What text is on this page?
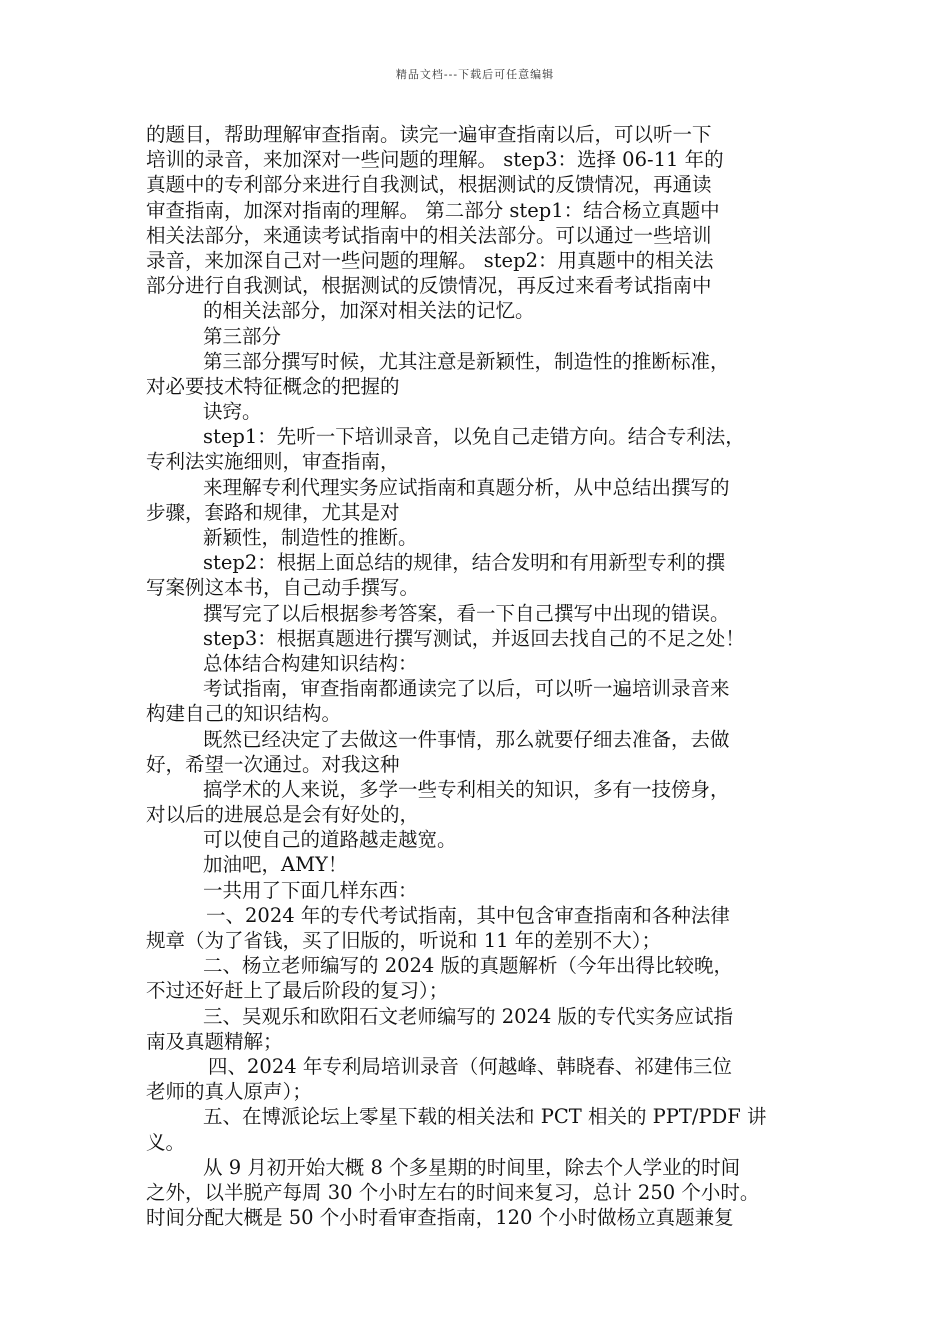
精品文档---下载后可任意编辑
的题目，帮助理解审查指南。读完一遍审查指南以后，可以听一下
培训的录音，来加深对一些问题的理解。 step3：选择 06-11 年的
真题中的专利部分来进行自我测试，根据测试的反馈情况，再通读
审查指南，加深对指南的理解。 第二部分 step1：结合杨立真题中
相关法部分，来通读考试指南中的相关法部分。可以通过一些培训
录音，来加深自己对一些问题的理解。 step2：用真题中的相关法
部分进行自我测试，根据测试的反馈情况，再反过来看考试指南中
的相关法部分，加深对相关法的记忆。
第三部分
第三部分撰写时候，尤其注意是新颖性，制造性的推断标准，
对必要技术特征概念的把握的
诀窍。
step1：先听一下培训录音，以免自己走错方向。结合专利法，
专利法实施细则，审查指南，
来理解专利代理实务应试指南和真题分析，从中总结出撰写的
步骤，套路和规律，尤其是对
新颖性，制造性的推断。
step2：根据上面总结的规律，结合发明和有用新型专利的撰
写案例这本书，自己动手撰写。
撰写完了以后根据参考答案，看一下自己撰写中出现的错误。
step3：根据真题进行撰写测试，并返回去找自己的不足之处！
总体结合构建知识结构：
考试指南，审查指南都通读完了以后，可以听一遍培训录音来
构建自己的知识结构。
既然已经决定了去做这一件事情，那么就要仔细去准备，去做
好，希望一次通过。对我这种
搞学术的人来说，多学一些专利相关的知识，多有一技傍身，
对以后的进展总是会有好处的，
可以使自己的道路越走越宽。
加油吧，AMY！
一共用了下面几样东西：
一、2024 年的专代考试指南，其中包含审查指南和各种法律
规章（为了省钱，买了旧版的，听说和 11 年的差别不大）；
二、杨立老师编写的 2024 版的真题解析（今年出得比较晚，
不过还好赶上了最后阶段的复习）；
三、吴观乐和欧阳石文老师编写的 2024 版的专代实务应试指
南及真题精解；
四、2024 年专利局培训录音（何越峰、韩晓春、祁建伟三位
老师的真人原声）；
五、在博派论坛上零星下载的相关法和 PCT 相关的 PPT/PDF 讲
义。
从 9 月初开始大概 8 个多星期的时间里，除去个人学业的时间
之外，以半脱产每周 30 个小时左右的时间来复习，总计 250 个小时。
时间分配大概是 50 个小时看审查指南，120 个小时做杨立真题兼复
